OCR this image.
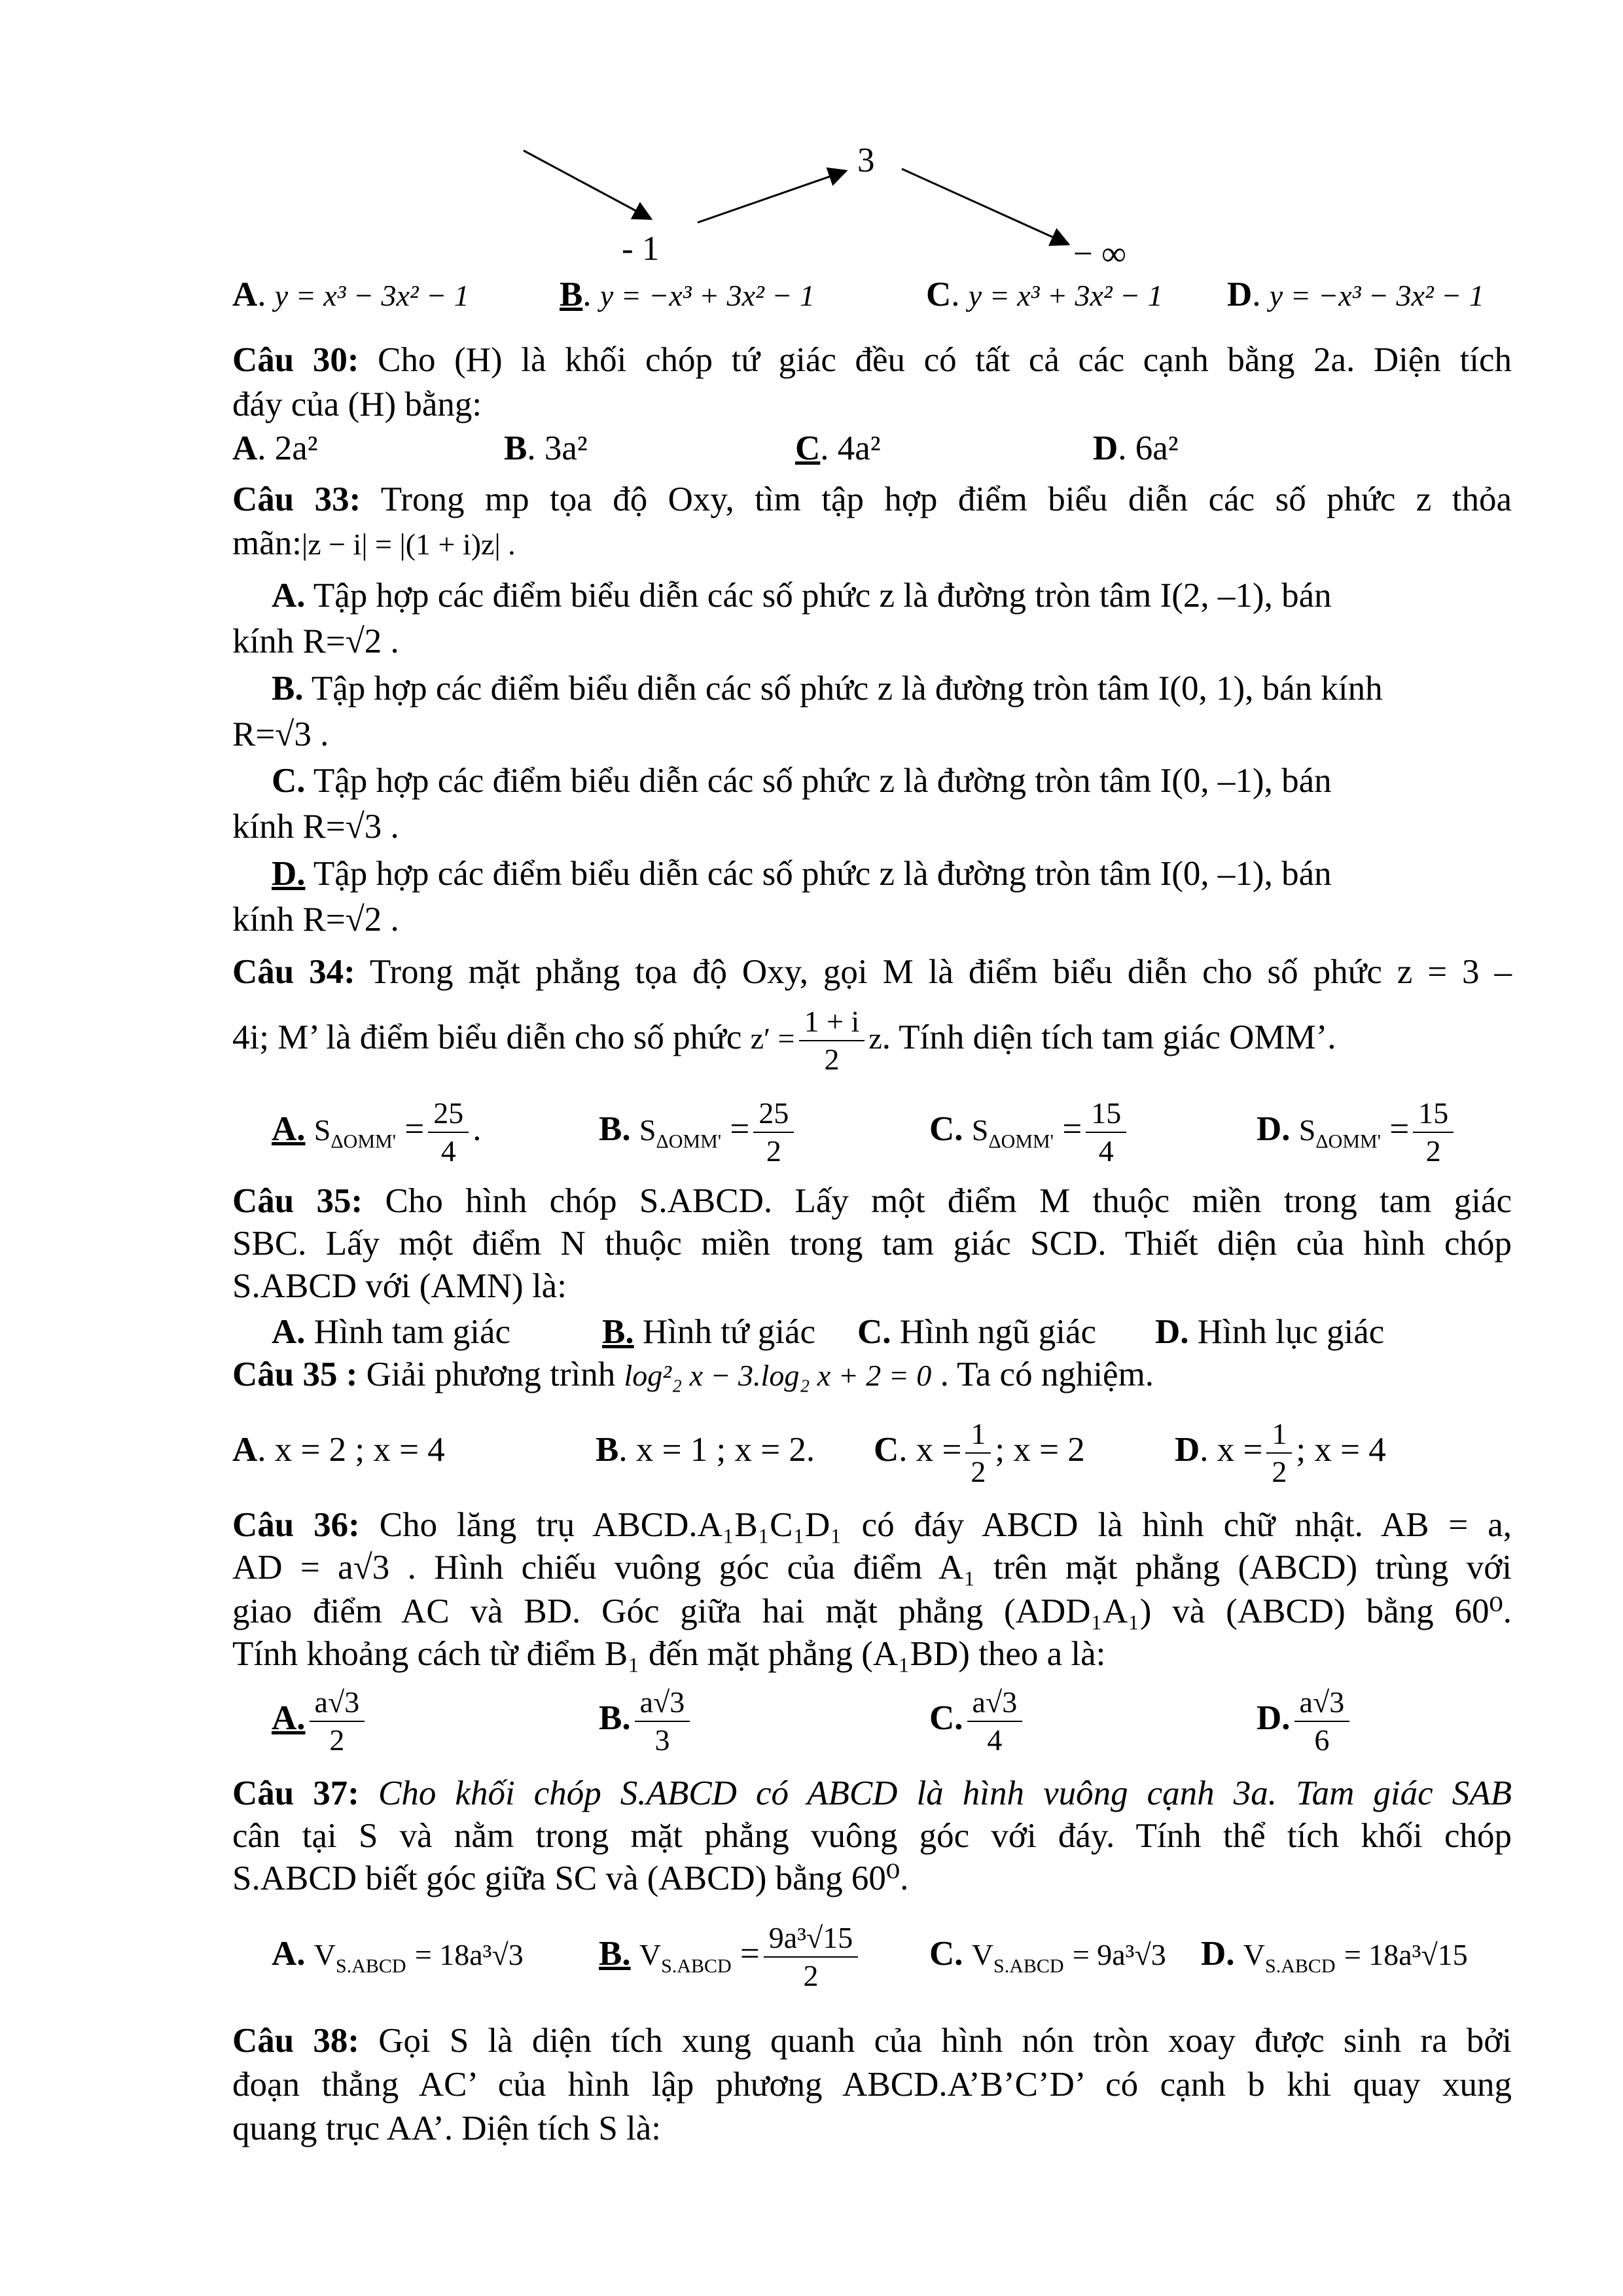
3
- 1	− ∞
A. y = x³ − 3x² − 1	B. y = −x³ + 3x² − 1	C. y = x³ + 3x² − 1 D. y = −x³ − 3x² − 1
Câu 30: Cho (H) là khối chóp tứ giác đều có tất cả các cạnh bằng 2a. Diện tích
đáy của (H) bằng:
A. 2a²	B. 3a²	C. 4a²	D. 6a²
Câu 33: Trong mp tọa độ Oxy, tìm tập hợp điểm biểu diễn các số phức z thỏa
mãn:|z − i| = |(1 + i)z| .
A. Tập hợp các điểm biểu diễn các số phức z là đường tròn tâm I(2, –1), bán
kính R=√2 .
B. Tập hợp các điểm biểu diễn các số phức z là đường tròn tâm I(0, 1), bán kính
R=√3 .
C. Tập hợp các điểm biểu diễn các số phức z là đường tròn tâm I(0, –1), bán
kính R=√3 .
D. Tập hợp các điểm biểu diễn các số phức z là đường tròn tâm I(0, –1), bán
kính R=√2 .
Câu 34: Trong mặt phẳng tọa độ Oxy, gọi M là điểm biểu diễn cho số phức z = 3 –
4i; M’ là điểm biểu diễn cho số phức $z' = \frac{1 + i}{2} z$. Tính diện tích tam giác OMM’.
A. $S_{\Delta OMM'} = \frac{25}{4}$ .	B. $S_{\Delta OMM'} = \frac{25}{2}$	C. $S_{\Delta OMM'} = \frac{15}{4}$	D. $S_{\Delta OMM'} = \frac{15}{2}$
Câu 35: Cho hình chóp S.ABCD. Lấy một điểm M thuộc miền trong tam giác
SBC. Lấy một điểm N thuộc miền trong tam giác SCD. Thiết diện của hình chóp
S.ABCD với (AMN) là:
A. Hình tam giác	B. Hình tứ giác C. Hình ngũ giác D. Hình lục giác
Câu 35 : Giải phương trình log²₂ x − 3.log₂ x + 2 = 0 . Ta có nghiệm.
A. x = 2 ; x = 4	B. x = 1 ; x = 2. C. $x = \frac{1}{2}$ ; x = 2	D. $x = \frac{1}{2}$ ; x = 4
Câu 36: Cho lăng trụ ABCD.A₁B₁C₁D₁ có đáy ABCD là hình chữ nhật. AB = a,
AD = a√3 . Hình chiếu vuông góc của điểm A₁ trên mặt phẳng (ABCD) trùng với
giao điểm AC và BD. Góc giữa hai mặt phẳng (ADD₁A₁) và (ABCD) bằng 60⁰.
Tính khoảng cách từ điểm B₁ đến mặt phẳng (A₁BD) theo a là:
A. $\frac{a√3}{2}$	B. $\frac{a√3}{3}$	C. $\frac{a√3}{4}$	D. $\frac{a√3}{6}$
Câu 37: Cho khối chóp S.ABCD có ABCD là hình vuông cạnh 3a. Tam giác SAB
cân tại S và nằm trong mặt phẳng vuông góc với đáy. Tính thể tích khối chóp
S.ABCD biết góc giữa SC và (ABCD) bằng 60⁰.
A. $V_{S.ABCD} = 18a^3√3$ B. $V_{S.ABCD} = \frac{\text{9a³√15}}{2} C$. $V_{S.ABCD} = 9a^3√3$ D. $V_{S.ABCD} = 18a^3√15$
Câu 38: Gọi S là diện tích xung quanh của hình nón tròn xoay được sinh ra bởi
đoạn thẳng AC’ của hình lập phương ABCD.A’B’C’D’ có cạnh b khi quay xung
quang trục AA’. Diện tích S là:
